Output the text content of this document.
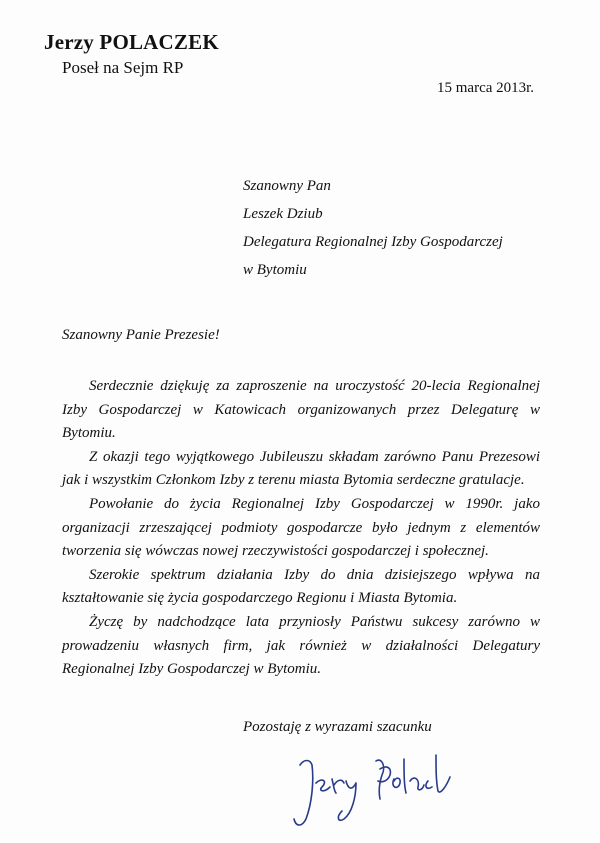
Jerzy POLACZEK
Poseł na Sejm RP
15 marca 2013r.
Szanowny Pan
Leszek Dziub
Delegatura Regionalnej Izby Gospodarczej
w Bytomiu
Szanowny Panie Prezesie!

Serdecznie dziękuję za zaproszenie na uroczystość 20-lecia Regionalnej Izby Gospodarczej w Katowicach organizowanych przez Delegaturę w Bytomiu.

Z okazji tego wyjątkowego Jubileuszu składam zarówno Panu Prezesowi jak i wszystkim Członkom Izby z terenu miasta Bytomia serdeczne gratulacje.

Powołanie do życia Regionalnej Izby Gospodarczej w 1990r. jako organizacji zrzeszającej podmioty gospodarcze było jednym z elementów tworzenia się wówczas nowej rzeczywistości gospodarczej i społecznej.

Szerokie spektrum działania Izby do dnia dzisiejszego wpływa na kształtowanie się życia gospodarczego Regionu i Miasta Bytomia.

Życzę by nadchodzące lata przyniosły Państwu sukcesy zarówno w prowadzeniu własnych firm, jak również w działalności Delegatury Regionalnej Izby Gospodarczej w Bytomiu.

Pozostaję z wyrazami szacunku
